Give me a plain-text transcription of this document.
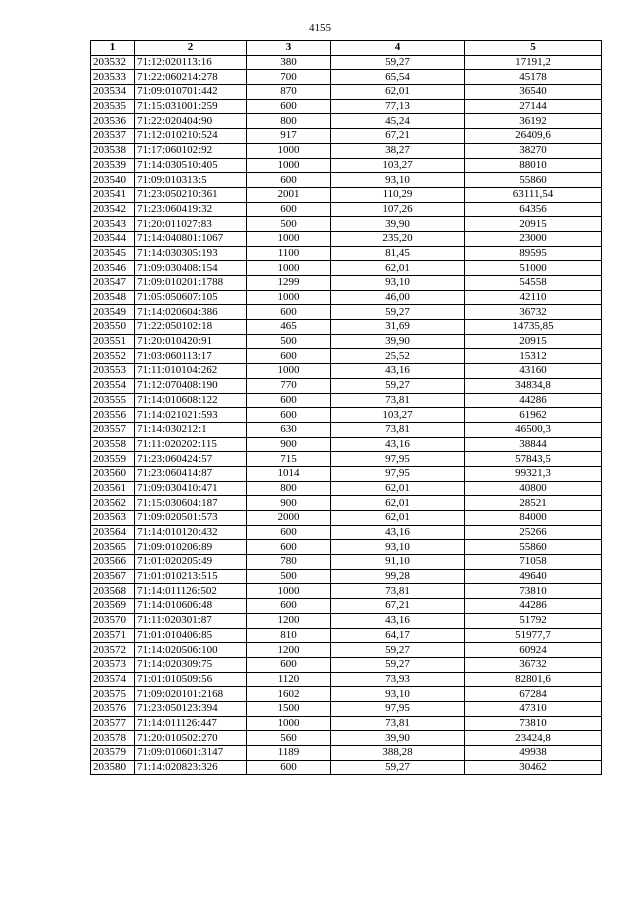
4155
1	2	3	4	5
203532	71:12:020113:16	380	59,27	17191,2
203533	71:22:060214:278	700	65,54	45178
203534	71:09:010701:442	870	62,01	36540
203535	71:15:031001:259	600	77,13	27144
203536	71:22:020404:90	800	45,24	36192
203537	71:12:010210:524	917	67,21	26409,6
203538	71:17:060102:92	1000	38,27	38270
203539	71:14:030510:405	1000	103,27	88010
203540	71:09:010313:5	600	93,10	55860
203541	71:23:050210:361	2001	110,29	63111,54
203542	71:23:060419:32	600	107,26	64356
203543	71:20:011027:83	500	39,90	20915
203544	71:14:040801:1067	1000	235,20	23000
203545	71:14:030305:193	1100	81,45	89595
203546	71:09:030408:154	1000	62,01	51000
203547	71:09:010201:1788	1299	93,10	54558
203548	71:05:050607:105	1000	46,00	42110
203549	71:14:020604:386	600	59,27	36732
203550	71:22:050102:18	465	31,69	14735,85
203551	71:20:010420:91	500	39,90	20915
203552	71:03:060113:17	600	25,52	15312
203553	71:11:010104:262	1000	43,16	43160
203554	71:12:070408:190	770	59,27	34834,8
203555	71:14:010608:122	600	73,81	44286
203556	71:14:021021:593	600	103,27	61962
203557	71:14:030212:1	630	73,81	46500,3
203558	71:11:020202:115	900	43,16	38844
203559	71:23:060424:57	715	97,95	57843,5
203560	71:23:060414:87	1014	97,95	99321,3
203561	71:09:030410:471	800	62,01	40800
203562	71:15:030604:187	900	62,01	28521
203563	71:09:020501:573	2000	62,01	84000
203564	71:14:010120:432	600	43,16	25266
203565	71:09:010206:89	600	93,10	55860
203566	71:01:020205:49	780	91,10	71058
203567	71:01:010213:515	500	99,28	49640
203568	71:14:011126:502	1000	73,81	73810
203569	71:14:010606:48	600	67,21	44286
203570	71:11:020301:87	1200	43,16	51792
203571	71:01:010406:85	810	64,17	51977,7
203572	71:14:020506:100	1200	59,27	60924
203573	71:14:020309:75	600	59,27	36732
203574	71:01:010509:56	1120	73,93	82801,6
203575	71:09:020101:2168	1602	93,10	67284
203576	71:23:050123:394	1500	97,95	47310
203577	71:14:011126:447	1000	73,81	73810
203578	71:20:010502:270	560	39,90	23424,8
203579	71:09:010601:3147	1189	388,28	49938
203580	71:14:020823:326	600	59,27	30462
